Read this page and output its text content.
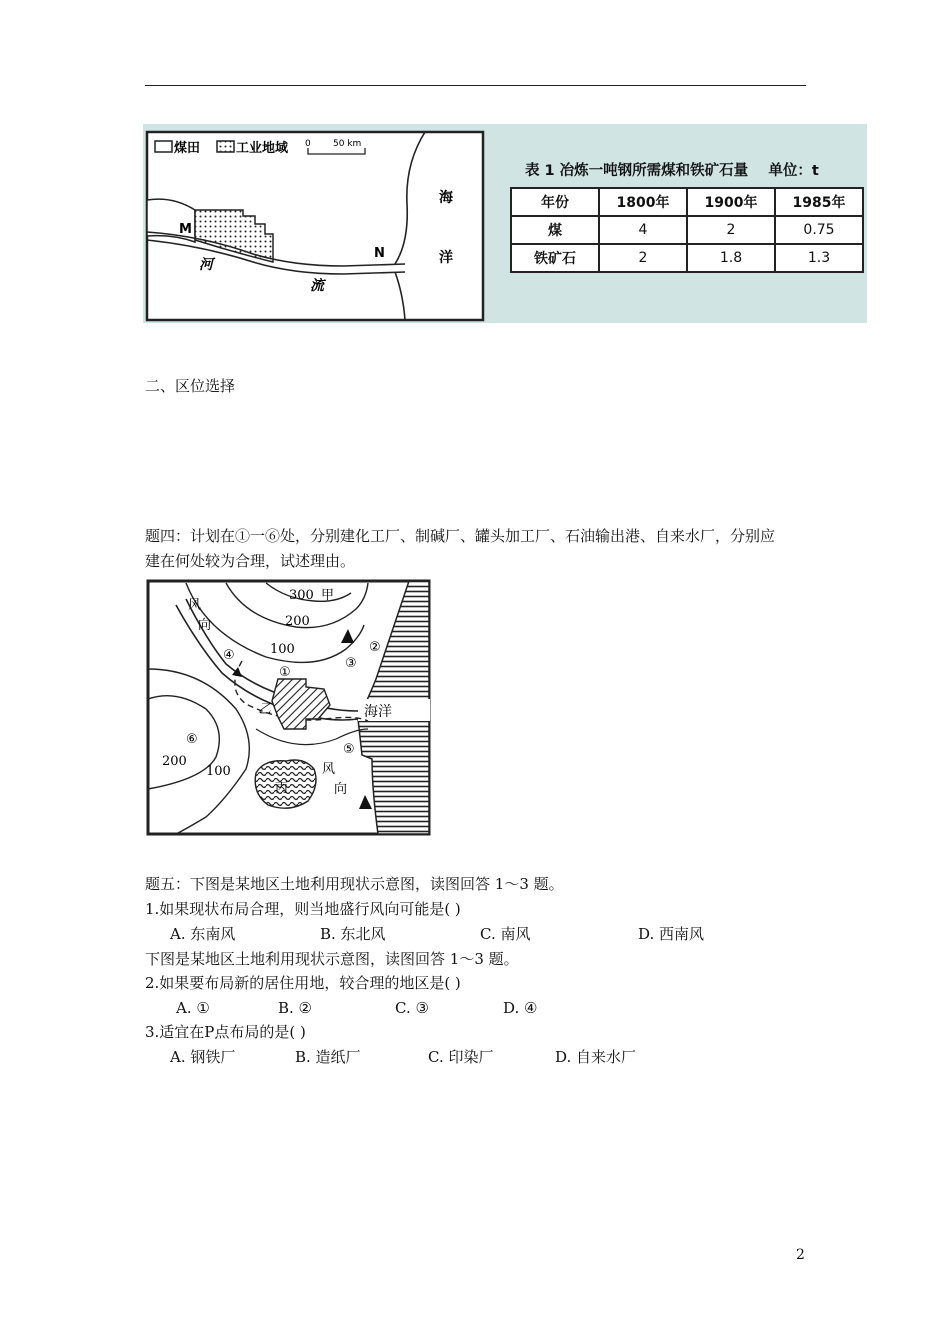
煤田	工业地域 0 50 km
M
N
河
流
海
洋
表 1 冶炼一吨钢所需煤和铁矿石量    单位：t
年份	1800年	1900年	1985年
煤	4	2	0.75
铁矿石	2	1.8	1.3
二、区位选择
题四：计划在①一⑥处，分别建化工厂、制碱厂、罐头加工厂、石油输出港、自来水厂，分别应
建在何处较为合理，试述理由。
海洋
乙
丙
300
200
100
100
200
甲
风
向
风
向
①
②
③
④
⑤
⑥
题五：下图是某地区土地利用现状示意图，读图回答 1～3 题。
1.如果现状布局合理，则当地盛行风向可能是( )
A. 东南风	B. 东北风	C. 南风	D. 西南风
下图是某地区土地利用现状示意图，读图回答 1～3 题。
2.如果要布局新的居住用地，较合理的地区是( )
A. ①	B. ②	C. ③	D. ④
3.适宜在P点布局的是( )
A. 钢铁厂	B. 造纸厂	C. 印染厂	D. 自来水厂
2
